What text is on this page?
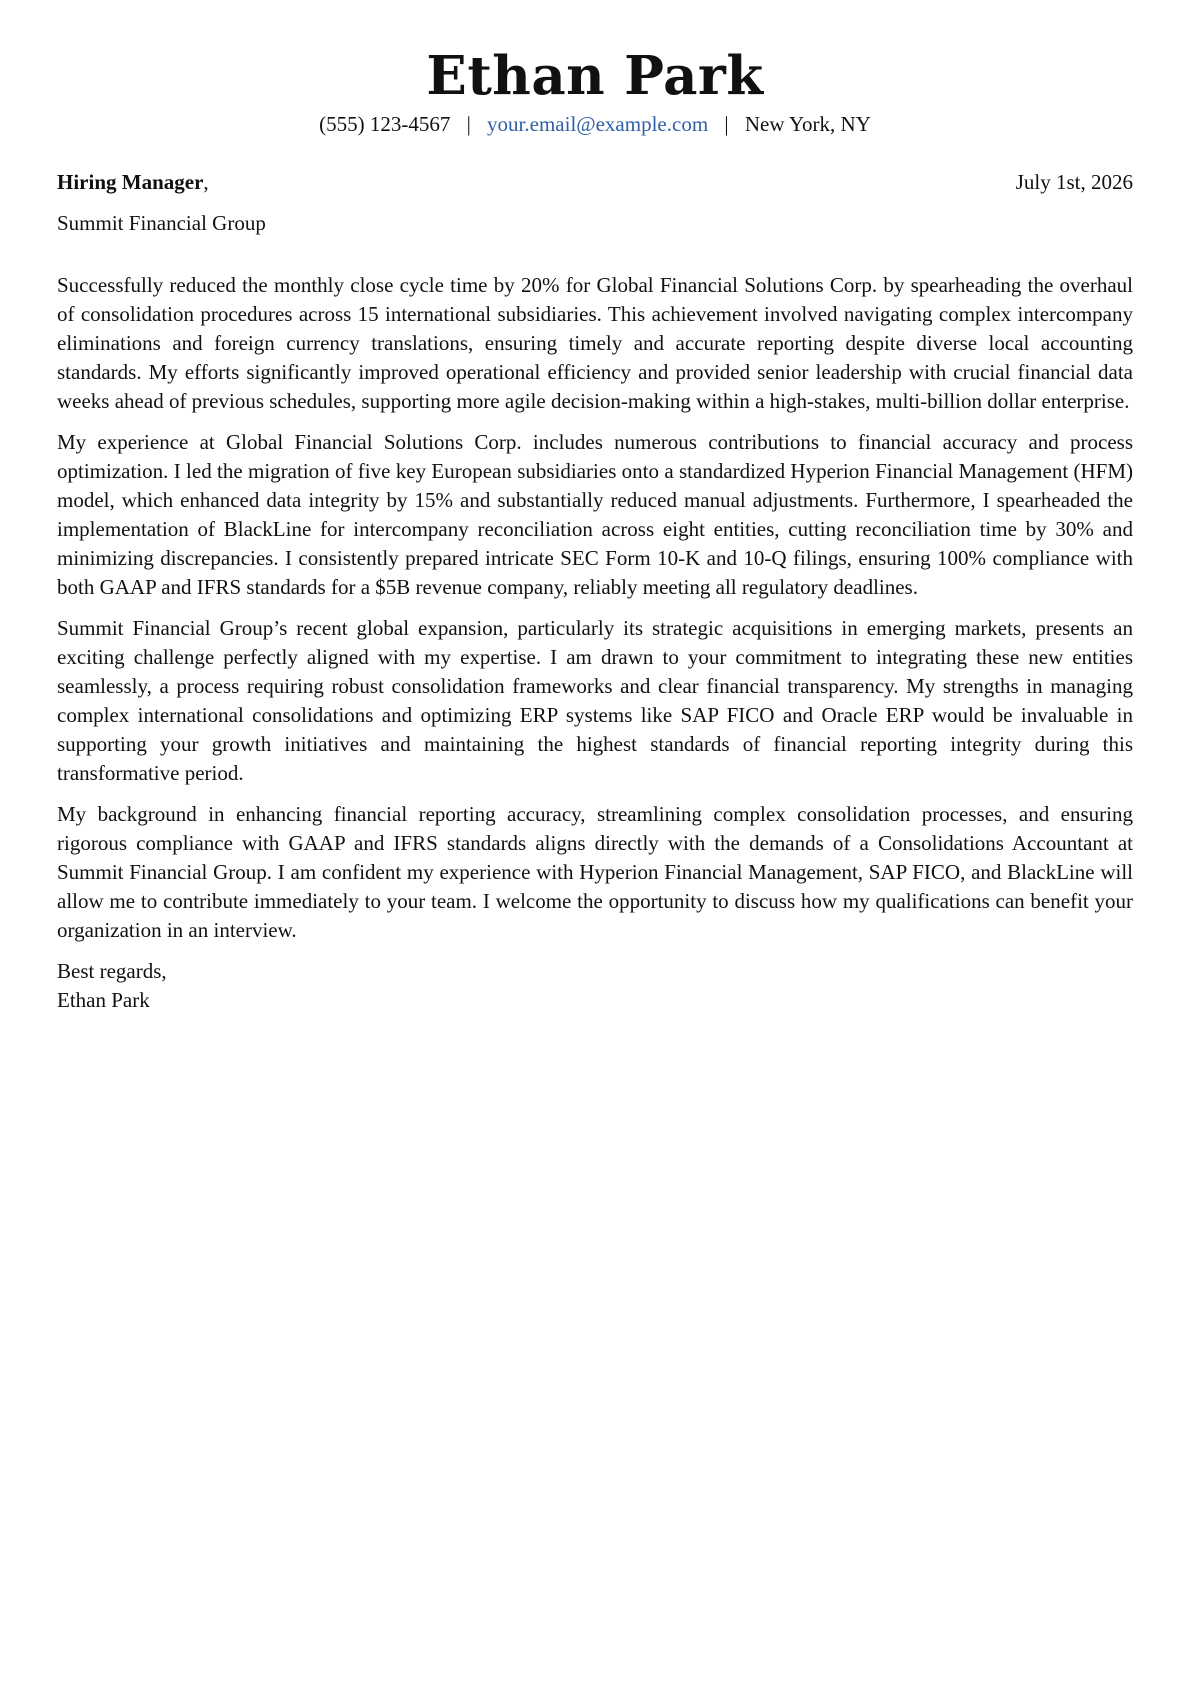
Ethan Park
(555) 123-4567 | your.email@example.com | New York, NY
Hiring Manager,	July 1st, 2026
Summit Financial Group

Successfully reduced the monthly close cycle time by 20% for Global Financial Solutions Corp. by spearheading the overhaul of consolidation procedures across 15 international subsidiaries. This achievement involved navigating complex intercompany eliminations and foreign currency translations, ensuring timely and accurate reporting despite diverse local accounting standards. My efforts significantly improved operational efficiency and provided senior leadership with crucial financial data weeks ahead of previous schedules, supporting more agile decision-making within a high-stakes, multi-billion dollar enterprise.

My experience at Global Financial Solutions Corp. includes numerous contributions to financial accuracy and process optimization. I led the migration of five key European subsidiaries onto a standardized Hyperion Financial Management (HFM) model, which enhanced data integrity by 15% and substantially reduced manual adjustments. Furthermore, I spearheaded the implementation of BlackLine for intercompany reconciliation across eight entities, cutting reconciliation time by 30% and minimizing discrepancies. I consistently prepared intricate SEC Form 10-K and 10-Q filings, ensuring 100% compliance with both GAAP and IFRS standards for a $5B revenue company, reliably meeting all regulatory deadlines.

Summit Financial Group’s recent global expansion, particularly its strategic acquisitions in emerging markets, presents an exciting challenge perfectly aligned with my expertise. I am drawn to your commitment to integrating these new entities seamlessly, a process requiring robust consolidation frameworks and clear financial transparency. My strengths in managing complex international consolidations and optimizing ERP systems like SAP FICO and Oracle ERP would be invaluable in supporting your growth initiatives and maintaining the highest standards of financial reporting integrity during this transformative period.

My background in enhancing financial reporting accuracy, streamlining complex consolidation processes, and ensuring rigorous compliance with GAAP and IFRS standards aligns directly with the demands of a Consolidations Accountant at Summit Financial Group. I am confident my experience with Hyperion Financial Management, SAP FICO, and BlackLine will allow me to contribute immediately to your team. I welcome the opportunity to discuss how my qualifications can benefit your organization in an interview.

Best regards,
Ethan Park
